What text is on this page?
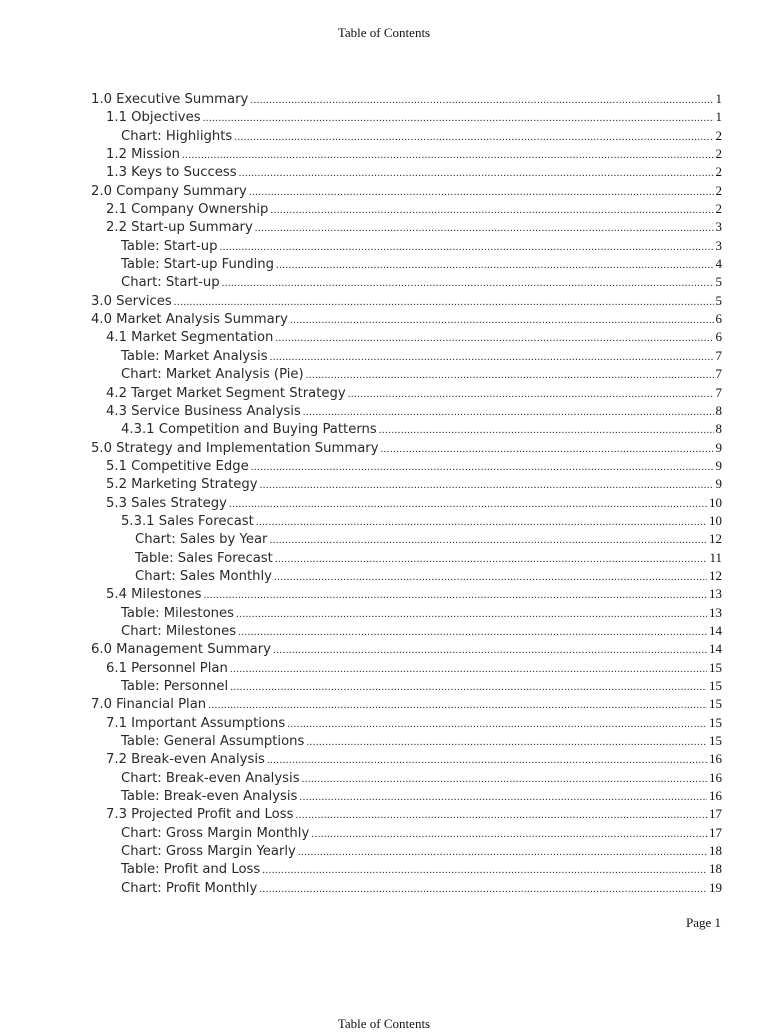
Table of Contents
1.0 Executive Summary .....	1
1.1 Objectives .....	1
Chart: Highlights .....	2
1.2 Mission .....	2
1.3 Keys to Success .....	2
2.0 Company Summary .....	2
2.1 Company Ownership .....	2
2.2 Start-up Summary .....	3
Table: Start-up .....	3
Table: Start-up Funding .....	4
Chart: Start-up .....	5
3.0 Services .....	5
4.0 Market Analysis Summary .....	6
4.1 Market Segmentation .....	6
Table: Market Analysis .....	7
Chart: Market Analysis (Pie) .....	7
4.2 Target Market Segment Strategy .....	7
4.3 Service Business Analysis .....	8
4.3.1 Competition and Buying Patterns .....	8
5.0 Strategy and Implementation Summary .....	9
5.1 Competitive Edge .....	9
5.2 Marketing Strategy .....	9
5.3 Sales Strategy .....	10
5.3.1 Sales Forecast .....	10
Chart: Sales by Year .....	12
Table: Sales Forecast .....	11
Chart: Sales Monthly .....	12
5.4 Milestones .....	13
Table: Milestones .....	13
Chart: Milestones .....	14
6.0 Management Summary .....	14
6.1 Personnel Plan .....	15
Table: Personnel .....	15
7.0 Financial Plan .....	15
7.1 Important Assumptions .....	15
Table: General Assumptions .....	15
7.2 Break-even Analysis .....	16
Chart: Break-even Analysis .....	16
Table: Break-even Analysis .....	16
7.3 Projected Profit and Loss .....	17
Chart: Gross Margin Monthly .....	17
Chart: Gross Margin Yearly .....	18
Table: Profit and Loss .....	18
Chart: Profit Monthly .....	19
Page 1
Table of Contents
